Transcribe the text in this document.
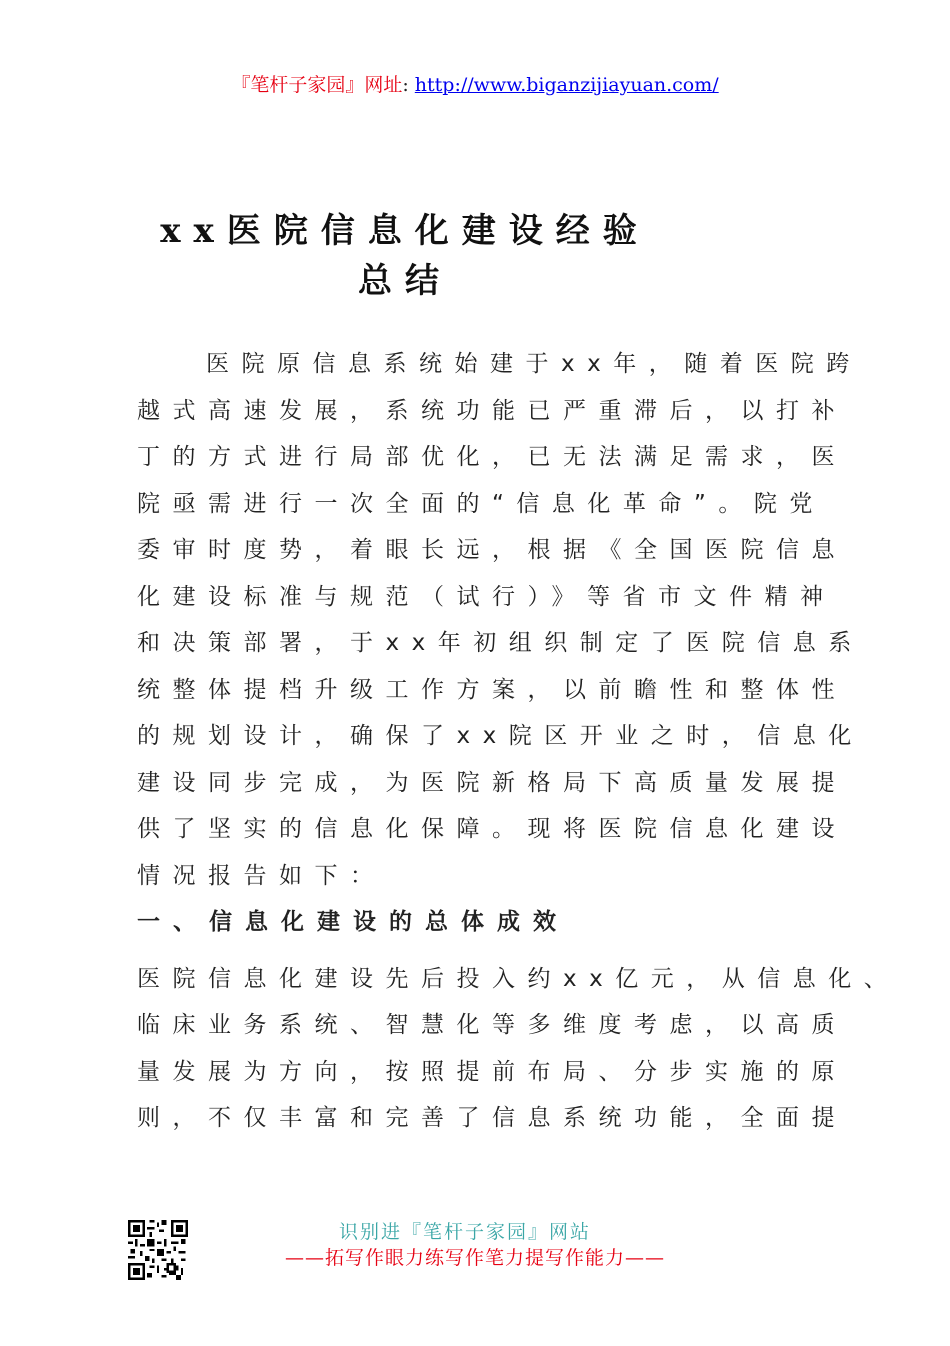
『笔杆子家园』网址: http://www.biganzijiayuan.com/
xx医院信息化建设经验
总结
医院原信息系统始建于xx年，随着医院跨
越式高速发展，系统功能已严重滞后，以打补
丁的方式进行局部优化，已无法满足需求，医
院亟需进行一次全面的“信息化革命”。院党
委审时度势，着眼长远，根据《全国医院信息
化建设标准与规范（试行）》等省市文件精神
和决策部署，于xx年初组织制定了医院信息系
统整体提档升级工作方案，以前瞻性和整体性
的规划设计，确保了xx院区开业之时，信息化
建设同步完成，为医院新格局下高质量发展提
供了坚实的信息化保障。现将医院信息化建设
情况报告如下：
一、信息化建设的总体成效
医院信息化建设先后投入约xx亿元，从信息化、
临床业务系统、智慧化等多维度考虑，以高质
量发展为方向，按照提前布局、分步实施的原
则，不仅丰富和完善了信息系统功能，全面提
识别进『笔杆子家园』网站
——拓写作眼力练写作笔力提写作能力——
